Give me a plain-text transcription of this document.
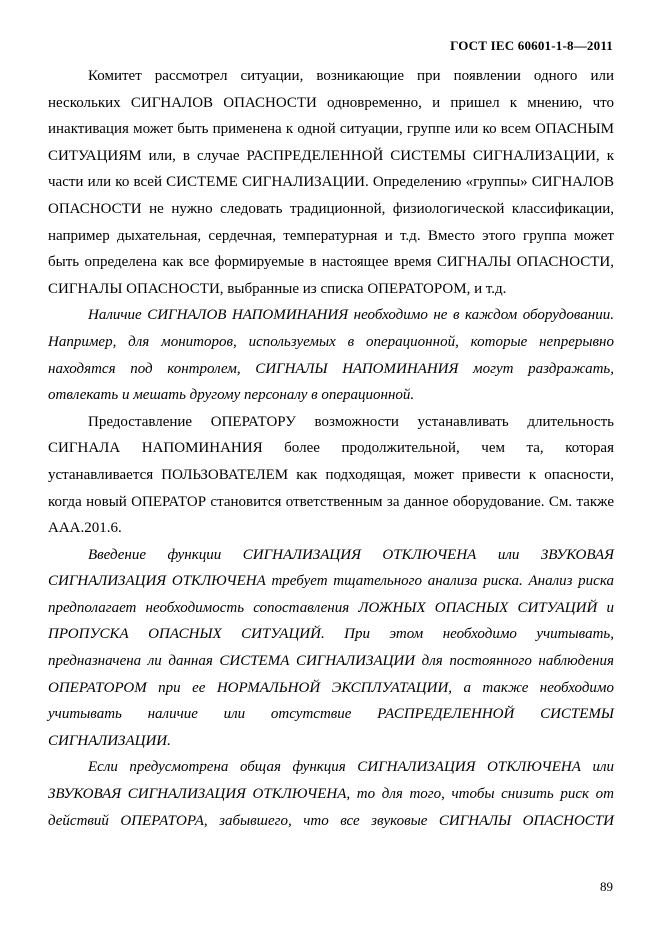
ГОСТ IEC 60601-1-8—2011

Комитет рассмотрел ситуации, возникающие при появлении одного или нескольких СИГНАЛОВ ОПАСНОСТИ одновременно, и пришел к мнению, что инактивация может быть применена к одной ситуации, группе или ко всем ОПАСНЫМ СИТУАЦИЯМ или, в случае РАСПРЕДЕЛЕННОЙ СИСТЕМЫ СИГНАЛИЗАЦИИ, к части или ко всей СИСТЕМЕ СИГНАЛИЗАЦИИ. Определению «группы» СИГНАЛОВ ОПАСНОСТИ не нужно следовать традиционной, физиологической классификации, например дыхательная, сердечная, температурная и т.д. Вместо этого группа может быть определена как все формируемые в настоящее время СИГНАЛЫ ОПАСНОСТИ, СИГНАЛЫ ОПАСНОСТИ, выбранные из списка ОПЕРАТОРОМ, и т.д.

Наличие СИГНАЛОВ НАПОМИНАНИЯ необходимо не в каждом оборудовании. Например, для мониторов, используемых в операционной, которые непрерывно находятся под контролем, СИГНАЛЫ НАПОМИНАНИЯ могут раздражать, отвлекать и мешать другому персоналу в операционной.

Предоставление ОПЕРАТОРУ возможности устанавливать длительность СИГНАЛА НАПОМИНАНИЯ более продолжительной, чем та, которая устанавливается ПОЛЬЗОВАТЕЛЕМ как подходящая, может привести к опасности, когда новый ОПЕРАТОР становится ответственным за данное оборудование. См. также ААА.201.6.

Введение функции СИГНАЛИЗАЦИЯ ОТКЛЮЧЕНА или ЗВУКОВАЯ СИГНАЛИЗАЦИЯ ОТКЛЮЧЕНА требует тщательного анализа риска. Анализ риска предполагает необходимость сопоставления ЛОЖНЫХ ОПАСНЫХ СИТУАЦИЙ и ПРОПУСКА ОПАСНЫХ СИТУАЦИЙ. При этом необходимо учитывать, предназначена ли данная СИСТЕМА СИГНАЛИЗАЦИИ для постоянного наблюдения ОПЕРАТОРОМ при ее НОРМАЛЬНОЙ ЭКСПЛУАТАЦИИ, а также необходимо учитывать наличие или отсутствие РАСПРЕДЕЛЕННОЙ СИСТЕМЫ СИГНАЛИЗАЦИИ.

Если предусмотрена общая функция СИГНАЛИЗАЦИЯ ОТКЛЮЧЕНА или ЗВУКОВАЯ СИГНАЛИЗАЦИЯ ОТКЛЮЧЕНА, то для того, чтобы снизить риск от действий ОПЕРАТОРА, забывшего, что все звуковые СИГНАЛЫ ОПАСНОСТИ

89
